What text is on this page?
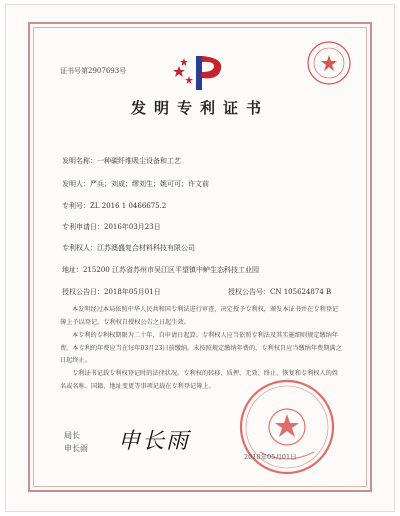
证书号第2907693号
发明专利证书
发明名称：一种碳纤维吸尘设备和工艺
发明人：严兵；刘成；缪刘生；姚可可；许文前
专利号：ZL 2016 1 0466675.2
专利申请日：2016年03月23日
专利权人：江苏澳盛复合材料科技有限公司
地址：215200 江苏省苏州市吴江区平望镇中鲈生态科技工业园
授权公告日：2018年05月01日	授权公告号：CN 105624874 B
本发明经过本局依照中华人民共和国专利法进行审查，决定授予专利权，颁发本证书并在专利登记簿上予以登记。专利权自授权公告之日起生效。
本专利的专利权期限为二十年，自申请日起算。专利权人应当依照专利法及其实施细则规定缴纳年费。本专利的年费应当在每年03月23日前缴纳。未按照规定缴纳年费的，专利权自应当缴纳年费期满之日起终止。
专利证书记载专利权登记时的法律状况。专利权的转移、质押、无效、终止、恢复和专利权人的姓名或名称、国籍、地址变更等事项记载在专利登记簿上。
局长
申长雨 申长雨
2018年05月01日
